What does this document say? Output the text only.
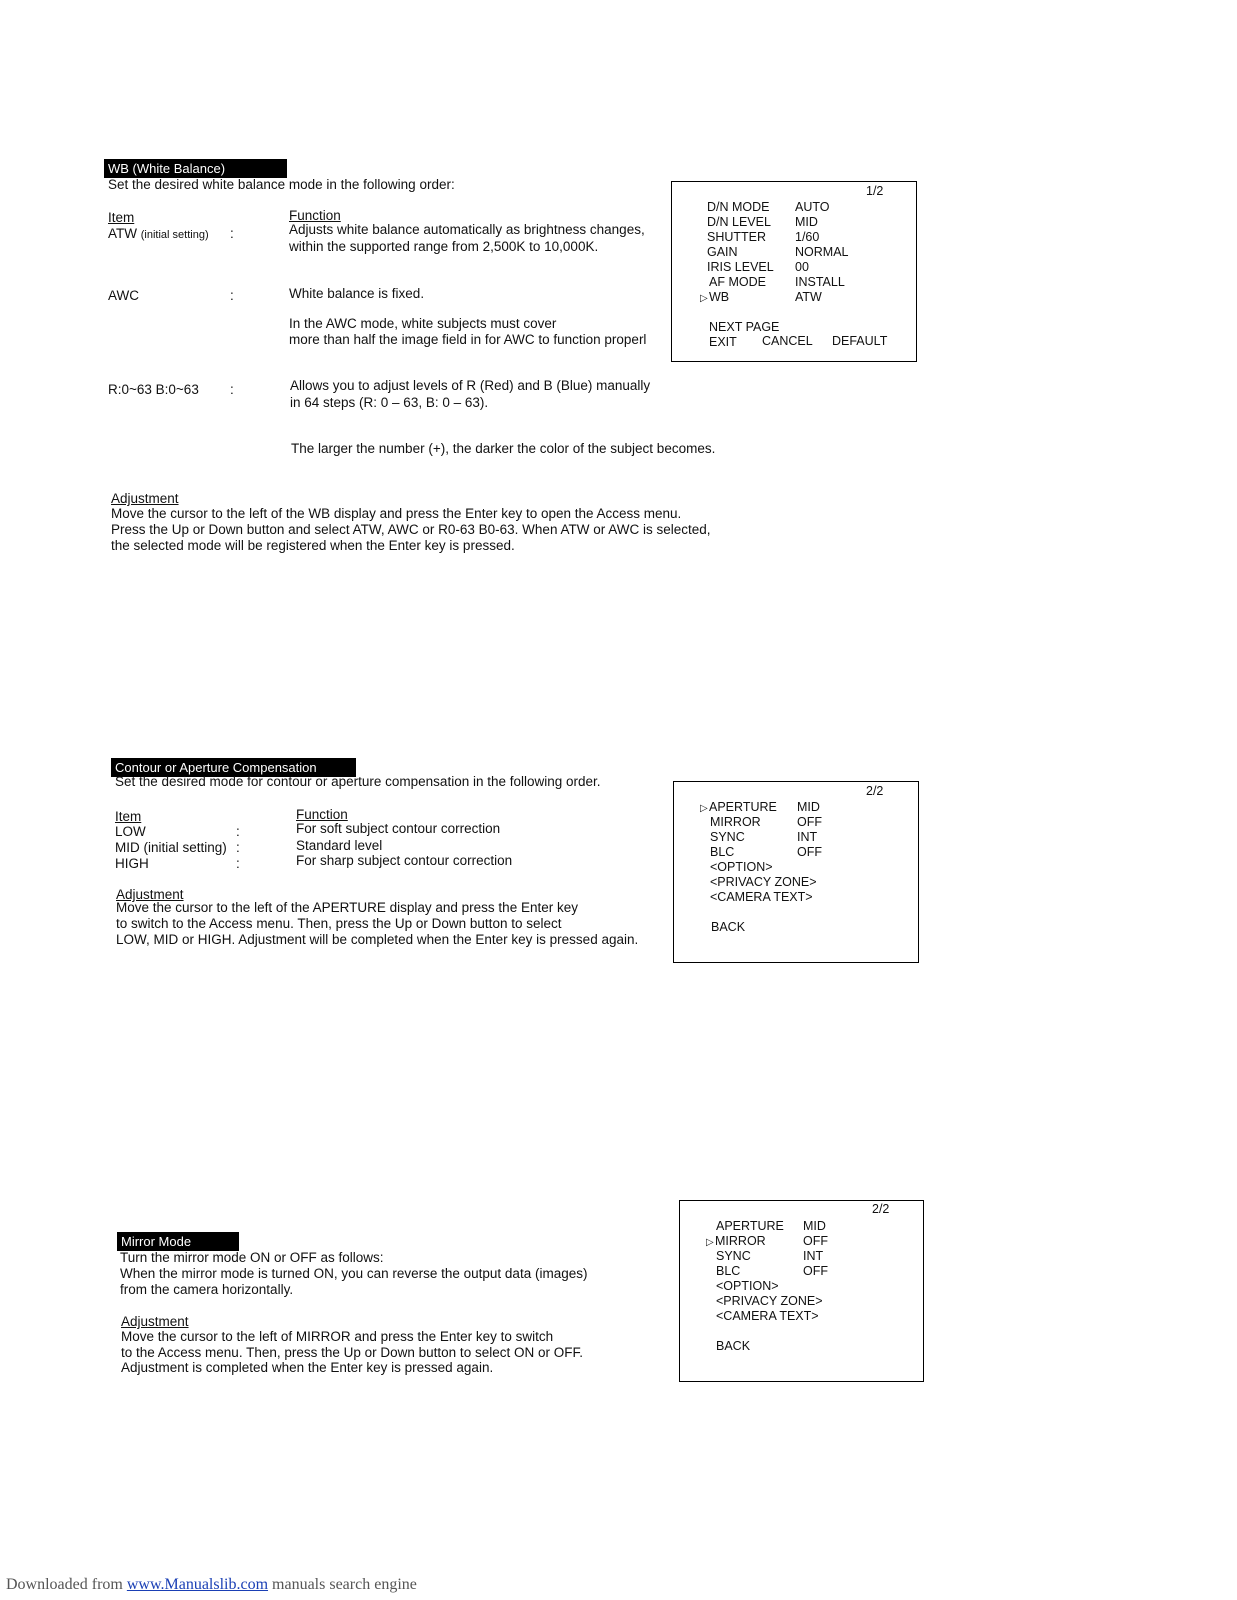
WB (White Balance)
Set the desired white balance mode in the following order:
Item	Function
ATW (initial setting) :	Adjusts white balance automatically as brightness changes,
within the supported range from 2,500K to 10,000K.
AWC	:	White balance is fixed.
In the AWC mode, white subjects must cover
more than half the image field in for AWC to function properl
R:0~63 B:0~63 :	Allows you to adjust levels of R (Red) and B (Blue) manually
in 64 steps (R: 0 – 63, B: 0 – 63).
The larger the number (+), the darker the color of the subject becomes.
Adjustment
Move the cursor to the left of the WB display and press the Enter key to open the Access menu.
Press the Up or Down button and select ATW, AWC or R0-63 B0-63. When ATW or AWC is selected,
the selected mode will be registered when the Enter key is pressed.
1/2
D/N MODE AUTO
D/N LEVEL MID
SHUTTER 1/60
GAIN	NORMAL
IRIS LEVEL 00
AF MODE INSTALL
▷ WB	ATW
NEXT PAGE
EXIT CANCEL DEFAULT
Contour or Aperture Compensation
Set the desired mode for contour or aperture compensation in the following order.
Item	Function
LOW	:	For soft subject contour correction
MID (initial setting) :	Standard level
HIGH	:	For sharp subject contour correction
Adjustment
Move the cursor to the left of the APERTURE display and press the Enter key
to switch to the Access menu. Then, press the Up or Down button to select
LOW, MID or HIGH. Adjustment will be completed when the Enter key is pressed again.
2/2
▷ APERTURE MID
MIRROR	OFF
SYNC	INT
BLC	OFF
<OPTION>
<PRIVACY ZONE>
<CAMERA TEXT>
BACK
Mirror Mode
Turn the mirror mode ON or OFF as follows:
When the mirror mode is turned ON, you can reverse the output data (images)
from the camera horizontally.
Adjustment
Move the cursor to the left of MIRROR and press the Enter key to switch
to the Access menu. Then, press the Up or Down button to select ON or OFF.
Adjustment is completed when the Enter key is pressed again.
2/2
APERTURE MID
▷ MIRROR	OFF
SYNC	INT
BLC	OFF
<OPTION>
<PRIVACY ZONE>
<CAMERA TEXT>
BACK
Downloaded from www.Manualslib.com manuals search engine
